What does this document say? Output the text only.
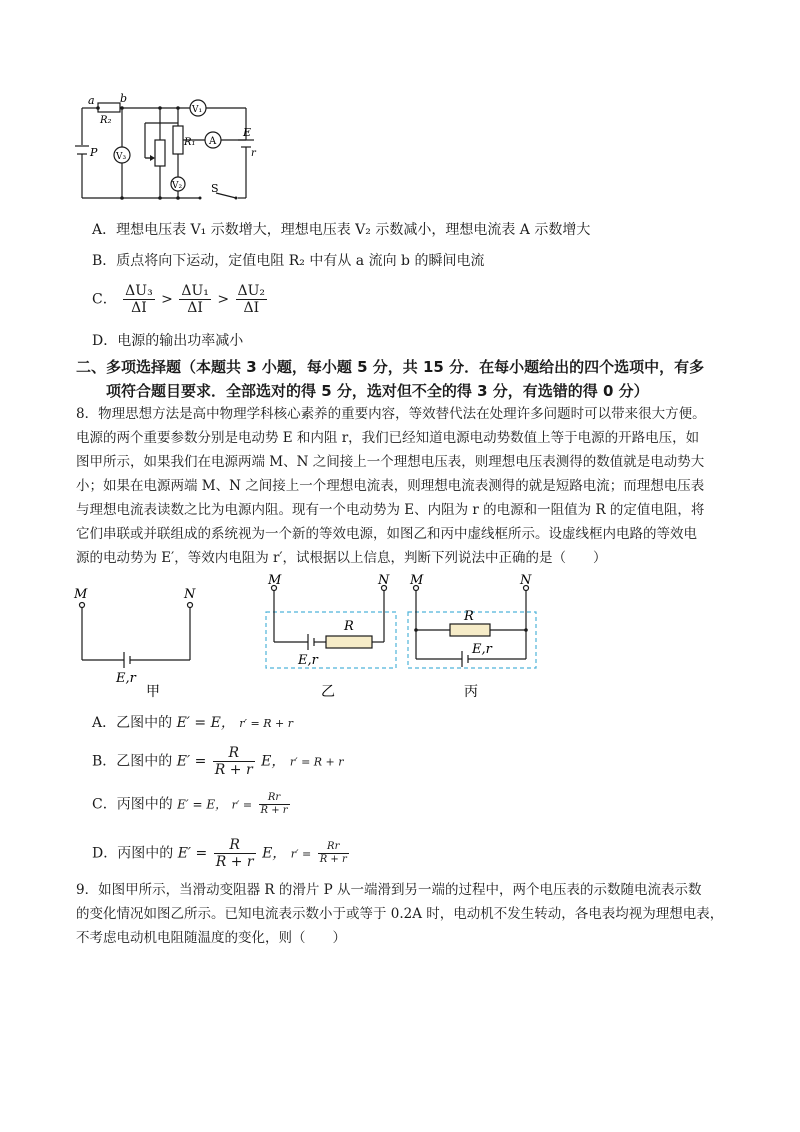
a b
R₂
P
R₁
V₁
A
V₃
V₂
E
r
S
A．理想电压表 V₁ 示数增大，理想电压表 V₂ 示数减小，理想电流表 A 示数增大
B．质点将向下运动，定值电阻 R₂ 中有从 a 流向 b 的瞬间电流
C． $\frac{\text{ΔU₃}}{\Delta I} > \frac{\text{ΔU₁}}{\Delta I} > \frac{\text{ΔU₂}}{\Delta I}$
D．电源的输出功率减小
二、多项选择题（本题共 3 小题，每小题 5 分，共 15 分．在每小题给出的四个选项中，有多
项符合题目要求．全部选对的得 5 分，选对但不全的得 3 分，有选错的得 0 分）
8．物理思想方法是高中物理学科核心素养的重要内容，等效替代法在处理许多问题时可以带来很大方便。
电源的两个重要参数分别是电动势 E 和内阻 r，我们已经知道电源电动势数值上等于电源的开路电压，如
图甲所示，如果我们在电源两端 M、N 之间接上一个理想电压表，则理想电压表测得的数值就是电动势大
小；如果在电源两端 M、N 之间接上一个理想电流表，则理想电流表测得的就是短路电流；而理想电压表
与理想电流表读数之比为电源内阻。现有一个电动势为 E、内阻为 r 的电源和一阻值为 R 的定值电阻，将
它们串联或并联组成的系统视为一个新的等效电源，如图乙和丙中虚线框所示。设虚线框内电路的等效电
源的电动势为 E′，等效内电阻为 r′，试根据以上信息，判断下列说法中正确的是（　　）
M	N
E,r
甲
M	N
R
E,r
乙
M	N
R
E,r
丙
A．乙图中的 E′ = E， r′ = R + r
B．乙图中的 $E' = \frac{R}{R + r}$ E， r′ = R + r
C．丙图中的 E′ = E， $r' = \frac{Rr}{R + r}$
D．丙图中的 $E' = \frac{R}{R + r}$ E， $r' = \frac{Rr}{R + r}$
9．如图甲所示，当滑动变阻器 R 的滑片 P 从一端滑到另一端的过程中，两个电压表的示数随电流表示数
的变化情况如图乙所示。已知电流表示数小于或等于 0.2A 时，电动机不发生转动，各电表均视为理想电表，
不考虑电动机电阻随温度的变化，则（　　）
